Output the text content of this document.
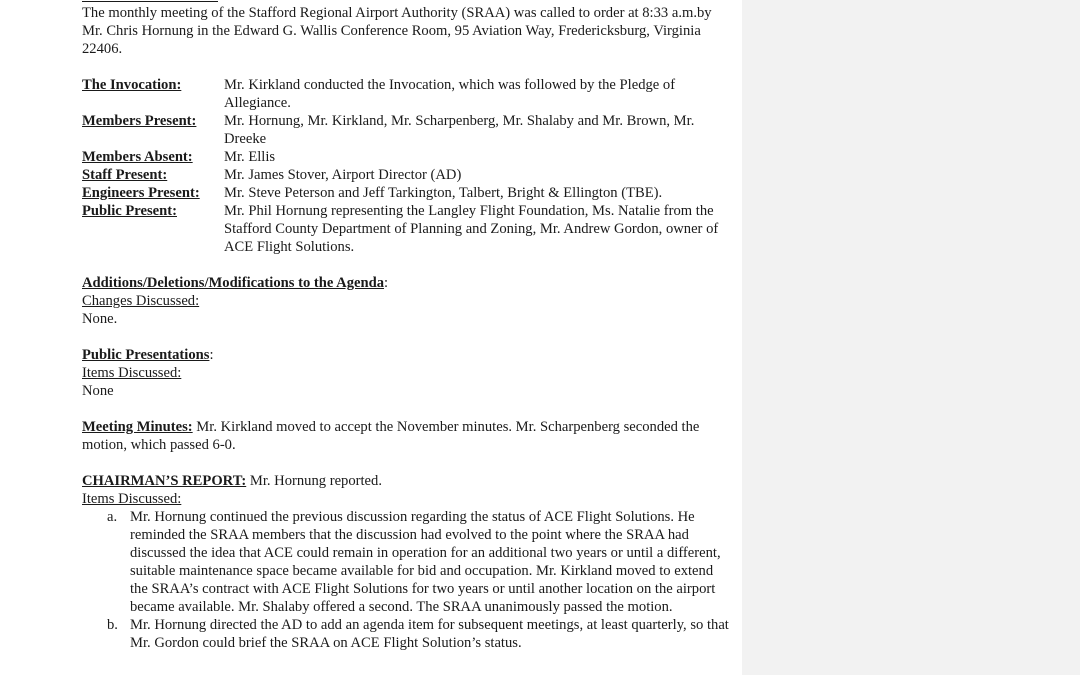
The monthly meeting of the Stafford Regional Airport Authority (SRAA) was called to order at 8:33 a.m.by Mr. Chris Hornung in the Edward G. Wallis Conference Room, 95 Aviation Way, Fredericksburg, Virginia 22406.
The Invocation:	Mr. Kirkland conducted the Invocation, which was followed by the Pledge of Allegiance.
Members Present:	Mr. Hornung, Mr. Kirkland, Mr. Scharpenberg, Mr. Shalaby and Mr. Brown, Mr. Dreeke
Members Absent:	Mr. Ellis
Staff Present:	Mr. James Stover, Airport Director (AD)
Engineers Present:	Mr. Steve Peterson and Jeff Tarkington, Talbert, Bright & Ellington (TBE).
Public Present:	Mr. Phil Hornung representing the Langley Flight Foundation, Ms. Natalie from the Stafford County Department of Planning and Zoning, Mr. Andrew Gordon, owner of ACE Flight Solutions.
Additions/Deletions/Modifications to the Agenda:
Changes Discussed:
None.
Public Presentations:
Items Discussed:
None
Meeting Minutes: Mr. Kirkland moved to accept the November minutes. Mr. Scharpenberg seconded the motion, which passed 6-0.
CHAIRMAN’S REPORT: Mr. Hornung reported.
Items Discussed:
a. Mr. Hornung continued the previous discussion regarding the status of ACE Flight Solutions. He reminded the SRAA members that the discussion had evolved to the point where the SRAA had discussed the idea that ACE could remain in operation for an additional two years or until a different, suitable maintenance space became available for bid and occupation. Mr. Kirkland moved to extend the SRAA’s contract with ACE Flight Solutions for two years or until another location on the airport became available. Mr. Shalaby offered a second. The SRAA unanimously passed the motion.
b. Mr. Hornung directed the AD to add an agenda item for subsequent meetings, at least quarterly, so that Mr. Gordon could brief the SRAA on ACE Flight Solution’s status.
